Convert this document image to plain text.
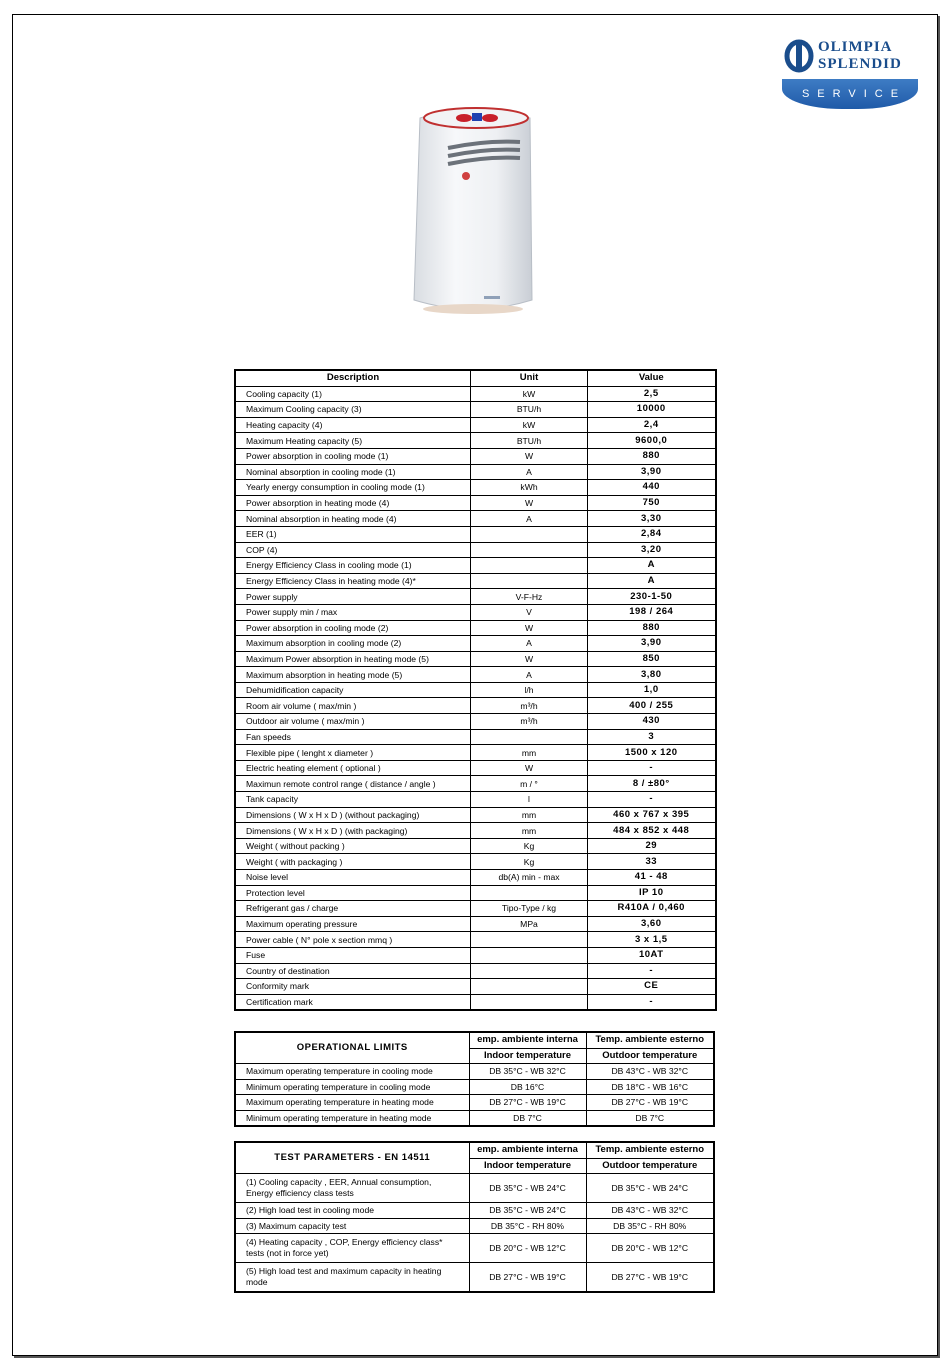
OLIMPIA
SPLENDID
SERVICE
Description	Unit	Value
Cooling capacity (1)	kW	2,5
Maximum Cooling capacity (3)	BTU/h	10000
Heating capacity (4)	kW	2,4
Maximum Heating capacity (5)	BTU/h	9600,0
Power absorption in cooling mode (1)	W	880
Nominal absorption in cooling mode (1)	A	3,90
Yearly energy consumption in cooling mode (1)	kWh	440
Power absorption in heating mode (4)	W	750
Nominal absorption in heating mode (4)	A	3,30
EER (1)		2,84
COP (4)		3,20
Energy Efficiency Class in cooling mode (1)		A
Energy Efficiency Class in heating mode (4)*		A
Power supply	V-F-Hz	230-1-50
Power supply min / max	V	198 / 264
Power absorption in cooling mode (2)	W	880
Maximum absorption in cooling mode (2)	A	3,90
Maximum Power absorption in heating mode (5)	W	850
Maximum absorption in heating mode (5)	A	3,80
Dehumidification capacity	l/h	1,0
Room air volume ( max/min )	m³/h	400 / 255
Outdoor air volume ( max/min )	m³/h	430
Fan speeds		3
Flexible pipe ( lenght x diameter )	mm	1500 x 120
Electric heating element ( optional )	W	-
Maximun remote control range ( distance / angle )	m / °	8 / ±80°
Tank capacity	l	-
Dimensions ( W x H x D ) (without packaging)	mm	460 x 767 x 395
Dimensions ( W x H x D ) (with packaging)	mm	484 x 852 x 448
Weight ( without packing )	Kg	29
Weight ( with packaging )	Kg	33
Noise level	db(A) min - max	41 - 48
Protection level		IP 10
Refrigerant gas / charge	Tipo-Type / kg	R410A / 0,460
Maximum operating pressure	MPa	3,60
Power cable ( N° pole x section mmq )		3 x 1,5
Fuse		10AT
Country of destination		-
Conformity mark		CE
Certification mark		-
OPERATIONAL LIMITS	emp. ambiente interna	Temp. ambiente esterno
	Indoor temperature	Outdoor temperature
Maximum operating temperature in cooling mode	DB 35°C - WB 32°C	DB 43°C - WB 32°C
Minimum operating temperature in cooling mode	DB 16°C	DB 18°C - WB 16°C
Maximum operating temperature in heating mode	DB 27°C - WB 19°C	DB 27°C - WB 19°C
Minimum operating temperature in heating mode	DB 7°C	DB 7°C
TEST PARAMETERS - EN 14511	emp. ambiente interna	Temp. ambiente esterno
	Indoor temperature	Outdoor temperature
(1) Cooling capacity , EER, Annual consumption, Energy efficiency class tests	DB 35°C - WB 24°C	DB 35°C - WB 24°C
(2) High load test in cooling mode	DB 35°C - WB 24°C	DB 43°C - WB 32°C
(3) Maximum capacity test	DB 35°C - RH 80%	DB 35°C - RH 80%
(4) Heating capacity , COP, Energy efficiency class* tests (not in force yet)	DB 20°C - WB 12°C	DB 20°C - WB 12°C
(5) High load test and maximum capacity in heating mode	DB 27°C - WB 19°C	DB 27°C - WB 19°C
